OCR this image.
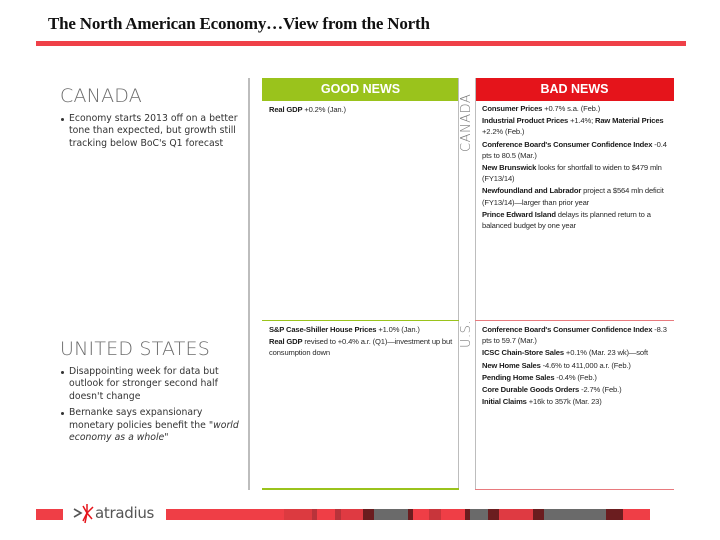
The North American Economy…View from the North
CANADA
Economy starts 2013 off on a better tone than expected, but growth still tracking below BoC's Q1 forecast
UNITED STATES
Disappointing week for data but outlook for stronger second half doesn't change
Bernanke says expansionary monetary policies benefit the "world economy as a whole"
GOOD NEWS
Real GDP +0.2% (Jan.)
S&P Case-Shiller House Prices +1.0% (Jan.)
Real GDP revised to +0.4% a.r. (Q1)—investment up but consumption down
CANADA
U.S.
BAD NEWS
Consumer Prices +0.7% s.a. (Feb.)
Industrial Product Prices +1.4%; Raw Material Prices +2.2% (Feb.)
Conference Board's Consumer Confidence Index -0.4 pts to 80.5 (Mar.)
New Brunswick looks for shortfall to widen to $479 mln (FY13/14)
Newfoundland and Labrador project a $564 mln deficit (FY13/14)—larger than prior year
Prince Edward Island delays its planned return to a balanced budget by one year
Conference Board's Consumer Confidence Index -8.3 pts to 59.7 (Mar.)
ICSC Chain-Store Sales +0.1% (Mar. 23 wk)—soft
New Home Sales -4.6% to 411,000 a.r. (Feb.)
Pending Home Sales -0.4% (Feb.)
Core Durable Goods Orders -2.7% (Feb.)
Initial Claims +16k to 357k (Mar. 23)
atradius
